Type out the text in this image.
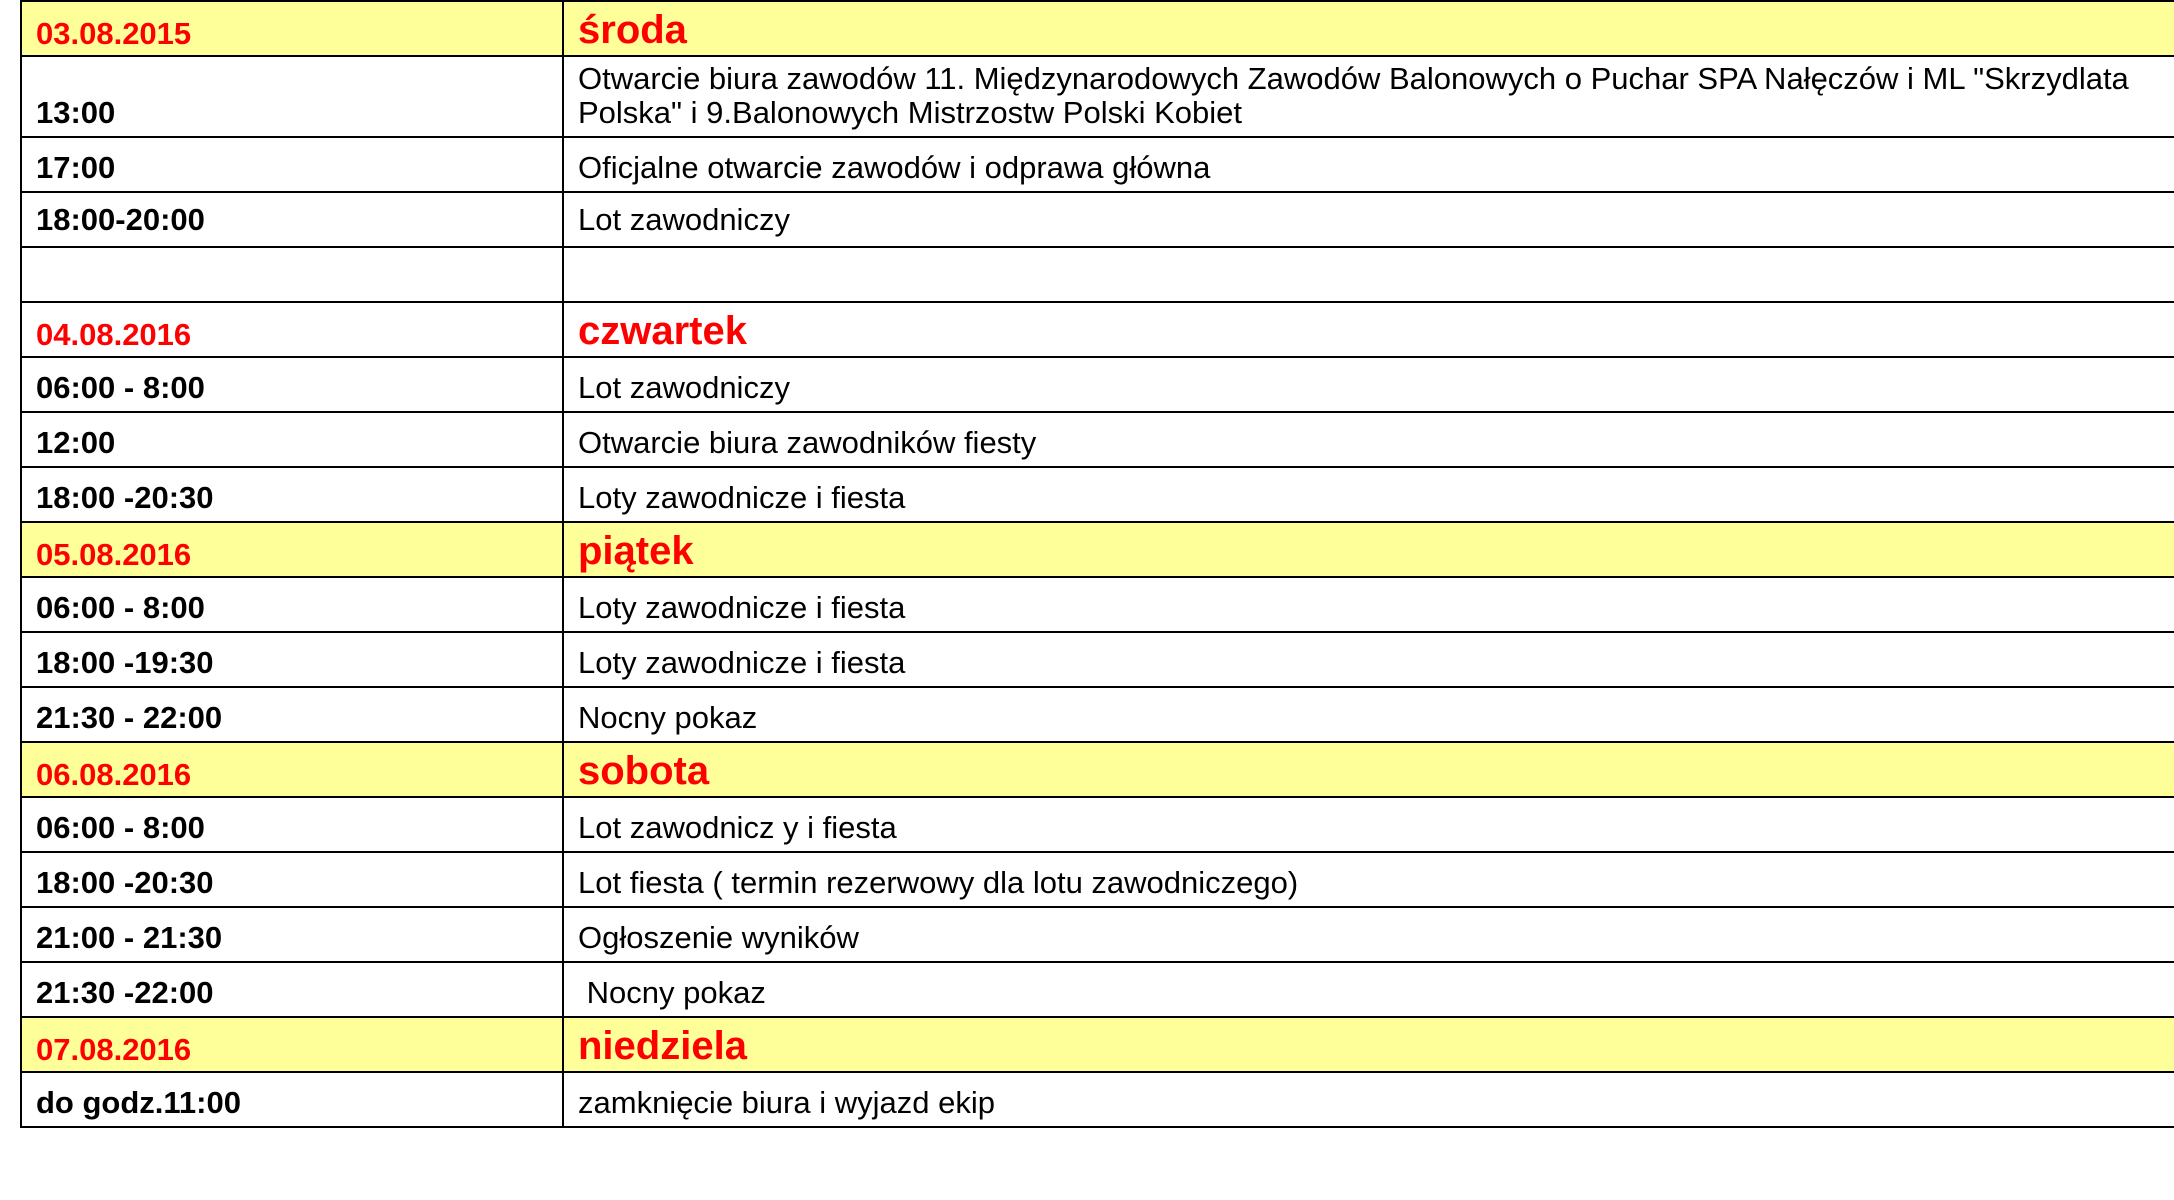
03.08.2015	środa
13:00	Otwarcie biura zawodów 11. Międzynarodowych Zawodów Balonowych o Puchar SPA Nałęczów i ML "Skrzydlata Polska" i 9.Balonowych Mistrzostw Polski Kobiet
17:00	Oficjalne otwarcie zawodów i odprawa główna
18:00-20:00	Lot zawodniczy

04.08.2016	czwartek
06:00 - 8:00	Lot zawodniczy
12:00	Otwarcie biura zawodników fiesty
18:00 -20:30	Loty zawodnicze i fiesta
05.08.2016	piątek
06:00 - 8:00	Loty zawodnicze i fiesta
18:00 -19:30	Loty zawodnicze i fiesta
21:30 - 22:00	Nocny pokaz
06.08.2016	sobota
06:00 - 8:00	Lot zawodnicz y i fiesta
18:00 -20:30	Lot fiesta ( termin rezerwowy dla lotu zawodniczego)
21:00 - 21:30	Ogłoszenie wyników
21:30 -22:00	Nocny pokaz
07.08.2016	niedziela
do godz.11:00	zamknięcie biura i wyjazd ekip
